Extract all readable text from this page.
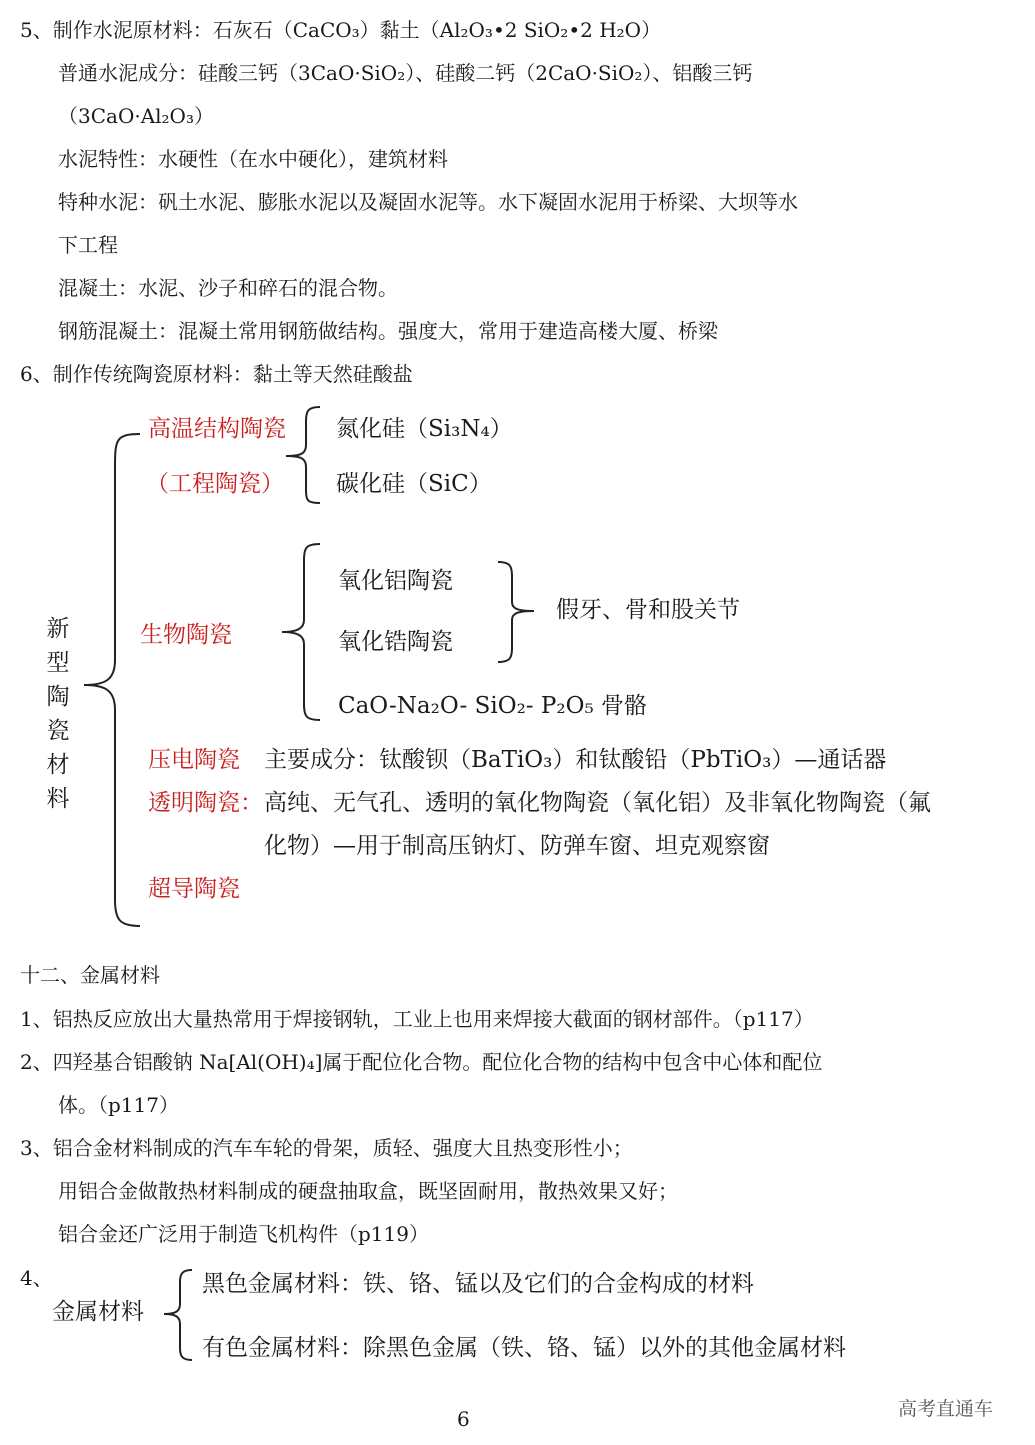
5、制作水泥原材料：石灰石（CaCO₃）黏土（Al₂O₃•2 SiO₂•2 H₂O）
普通水泥成分：硅酸三钙（3CaO·SiO₂）、硅酸二钙（2CaO·SiO₂）、铝酸三钙
（3CaO·Al₂O₃）
水泥特性：水硬性（在水中硬化），建筑材料
特种水泥：矾土水泥、膨胀水泥以及凝固水泥等。水下凝固水泥用于桥梁、大坝等水
下工程
混凝土：水泥、沙子和碎石的混合物。
钢筋混凝土：混凝土常用钢筋做结构。强度大，常用于建造高楼大厦、桥梁
6、制作传统陶瓷原材料：黏土等天然硅酸盐
新
型
陶
瓷
材
料
高温结构陶瓷
（工程陶瓷）
氮化硅（Si₃N₄）
碳化硅（SiC）
生物陶瓷
氧化铝陶瓷
氧化锆陶瓷
假牙、骨和股关节
CaO-Na₂O- SiO₂- P₂O₅ 骨骼
压电陶瓷 主要成分：钛酸钡（BaTiO₃）和钛酸铅（PbTiO₃）—通话器
透明陶瓷： 高纯、无气孔、透明的氧化物陶瓷（氧化铝）及非氧化物陶瓷（氟
化物）—用于制高压钠灯、防弹车窗、坦克观察窗
超导陶瓷
十二、金属材料
1、铝热反应放出大量热常用于焊接钢轨，工业上也用来焊接大截面的钢材部件。（p117）
2、四羟基合铝酸钠 Na[Al(OH)₄]属于配位化合物。配位化合物的结构中包含中心体和配位
体。（p117）
3、铝合金材料制成的汽车车轮的骨架，质轻、强度大且热变形性小；
用铝合金做散热材料制成的硬盘抽取盒，既坚固耐用，散热效果又好；
铝合金还广泛用于制造飞机构件（p119）
4、
金属材料
黑色金属材料：铁、铬、锰以及它们的合金构成的材料
有色金属材料：除黑色金属（铁、铬、锰）以外的其他金属材料
高考直通车
6
